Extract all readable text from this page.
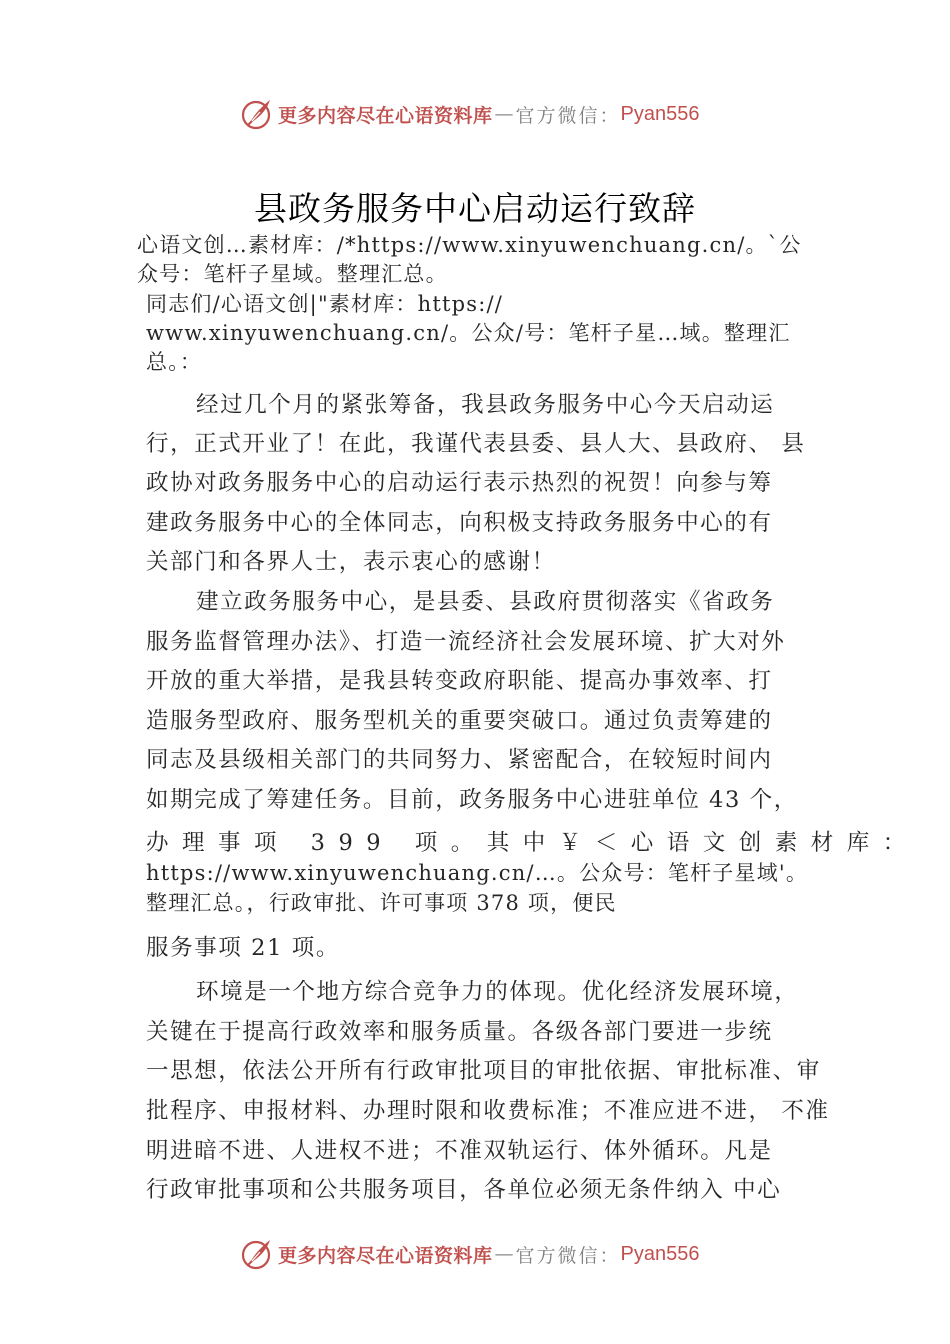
更多内容尽在心语资料库 — 官方微信： Pyan556
县政务服务中心启动运行致辞

心语文创…素材库：/*https://www.xinyuwenchuang.cn/。`公

众号：笔杆子星域。整理汇总。

同志们/心语文创|"素材库：https://

www.xinyuwenchuang.cn/。公众/号：笔杆子星…域。整理汇

总。：

经过几个月的紧张筹备，我县政务服务中心今天启动运

行，正式开业了！在此，我谨代表县委、县人大、县政府、 县

政协对政务服务中心的启动运行表示热烈的祝贺！向参与筹

建政务服务中心的全体同志，向积极支持政务服务中心的有

关部门和各界人士，表示衷心的感谢！

建立政务服务中心，是县委、县政府贯彻落实《省政务

服务监督管理办法》、打造一流经济社会发展环境、扩大对外

开放的重大举措，是我县转变政府职能、提高办事效率、打

造服务型政府、服务型机关的重要突破口。通过负责筹建的

同志及县级相关部门的共同努力、紧密配合，在较短时间内

如期完成了筹建任务。目前，政务服务中心进驻单位 43 个，

办理事项 399 项。其中￥＜心语文创素材库：

https://www.xinyuwenchuang.cn/…。公众号：笔杆子星域'。

整理汇总。，行政审批、许可事项 378 项，便民

服务事项 21 项。

环境是一个地方综合竞争力的体现。优化经济发展环境，

关键在于提高行政效率和服务质量。各级各部门要进一步统

一思想，依法公开所有行政审批项目的审批依据、审批标准、审

批程序、申报材料、办理时限和收费标准；不准应进不进， 不准

明进暗不进、人进权不进；不准双轨运行、体外循环。凡是

行政审批事项和公共服务项目，各单位必须无条件纳入 中心

更多内容尽在心语资料库 — 官方微信： Pyan556
